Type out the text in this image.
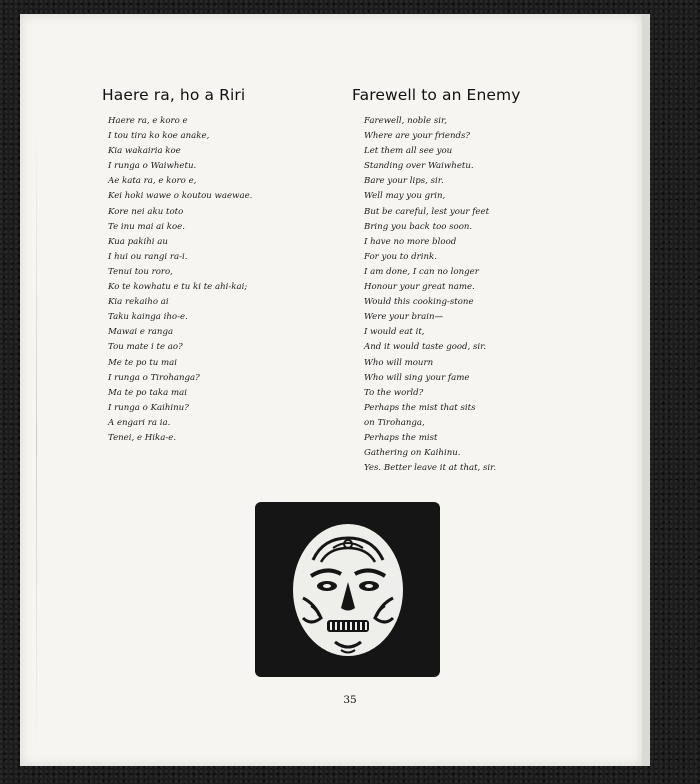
Haere ra, ho a Riri
Haere ra, e koro e
I tou tira ko koe anake,
Kia wakairia koe
I runga o Waiwhetu.
Ae kata ra, e koro e,
Kei hoki wawe o koutou waewae.
Kore nei aku toto
Te inu mai ai koe.
Kua pakihi au
I hui ou rangi ra-i.
Tenui tou roro,
Ko te kowhatu e tu ki te ahi-kai;
Kia rekaiho ai
Taku kainga iho-e.
Mawai e ranga
Tou mate i te ao?
Me te po tu mai
I runga o Tirohanga?
Ma te po taka mai
I runga o Kaihinu?
A engari ra ia.
Tenei, e Hika-e.
Farewell to an Enemy
Farewell, noble sir,
Where are your friends?
Let them all see you
Standing over Waiwhetu.
Bare your lips, sir.
Well may you grin,
But be careful, lest your feet
Bring you back too soon.
I have no more blood
For you to drink.
I am done, I can no longer
Honour your great name.
Would this cooking-stone
Were your brain—
I would eat it,
And it would taste good, sir.
Who will mourn
Who will sing your fame
To the world?
Perhaps the mist that sits
on Tirohanga,
Perhaps the mist
Gathering on Kaihinu.
Yes. Better leave it at that, sir.
35
